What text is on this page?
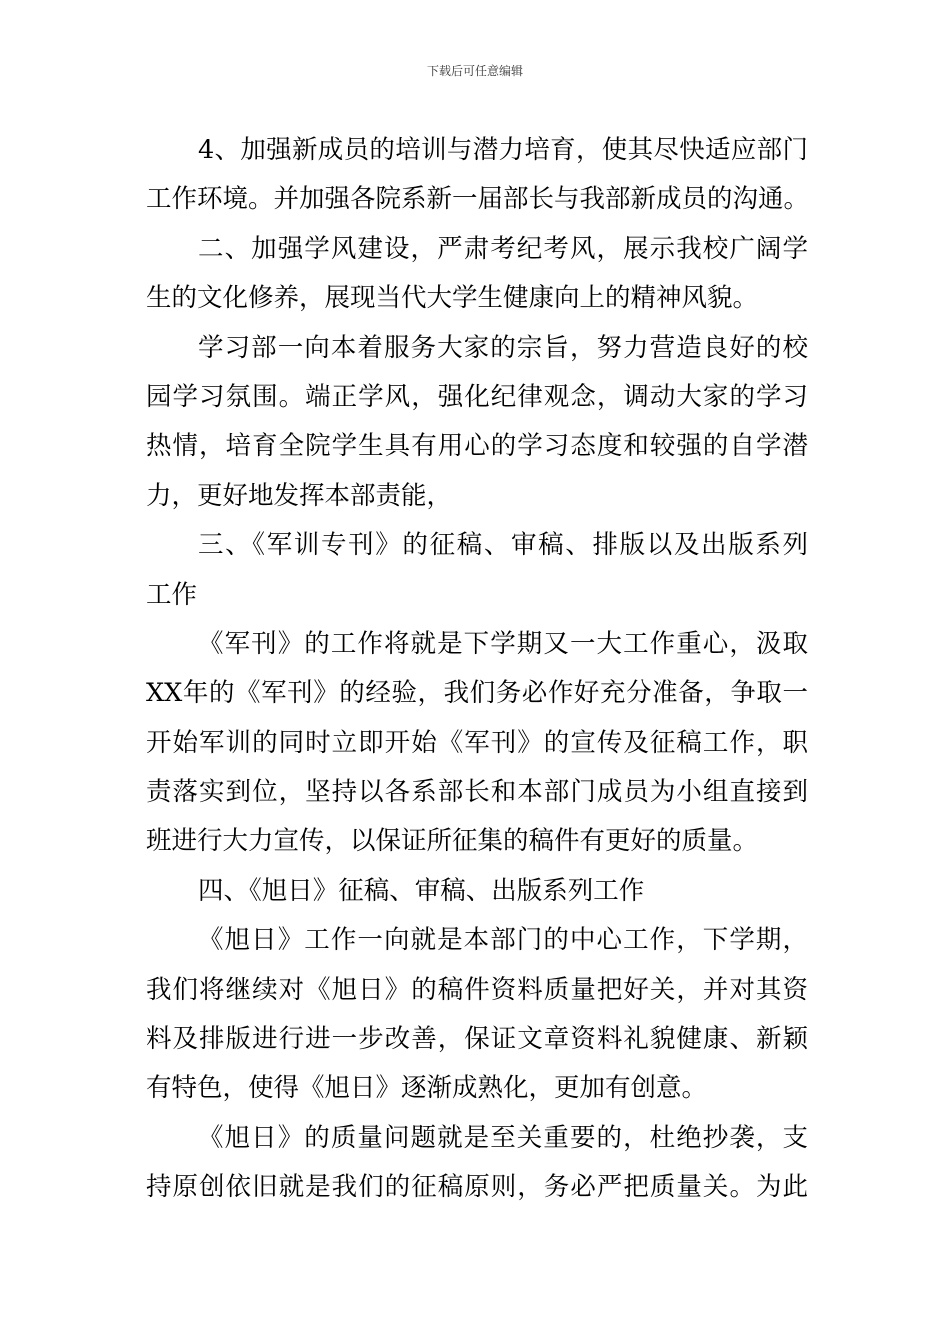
下载后可任意编辑
4、加强新成员的培训与潜力培育，使其尽快适应部门
工作环境。并加强各院系新一届部长与我部新成员的沟通。
二、加强学风建设，严肃考纪考风，展示我校广阔学
生的文化修养，展现当代大学生健康向上的精神风貌。
学习部一向本着服务大家的宗旨，努力营造良好的校
园学习氛围。端正学风，强化纪律观念，调动大家的学习
热情，培育全院学生具有用心的学习态度和较强的自学潜
力，更好地发挥本部责能，
三、《军训专刊》的征稿、审稿、排版以及出版系列
工作
《军刊》的工作将就是下学期又一大工作重心，汲取
XX年的《军刊》的经验，我们务必作好充分准备，争取一
开始军训的同时立即开始《军刊》的宣传及征稿工作，职
责落实到位，坚持以各系部长和本部门成员为小组直接到
班进行大力宣传，以保证所征集的稿件有更好的质量。
四、《旭日》征稿、审稿、出版系列工作
《旭日》工作一向就是本部门的中心工作，下学期，
我们将继续对《旭日》的稿件资料质量把好关，并对其资
料及排版进行进一步改善，保证文章资料礼貌健康、新颖
有特色，使得《旭日》逐渐成熟化，更加有创意。
《旭日》的质量问题就是至关重要的，杜绝抄袭，支
持原创依旧就是我们的征稿原则，务必严把质量关。为此
